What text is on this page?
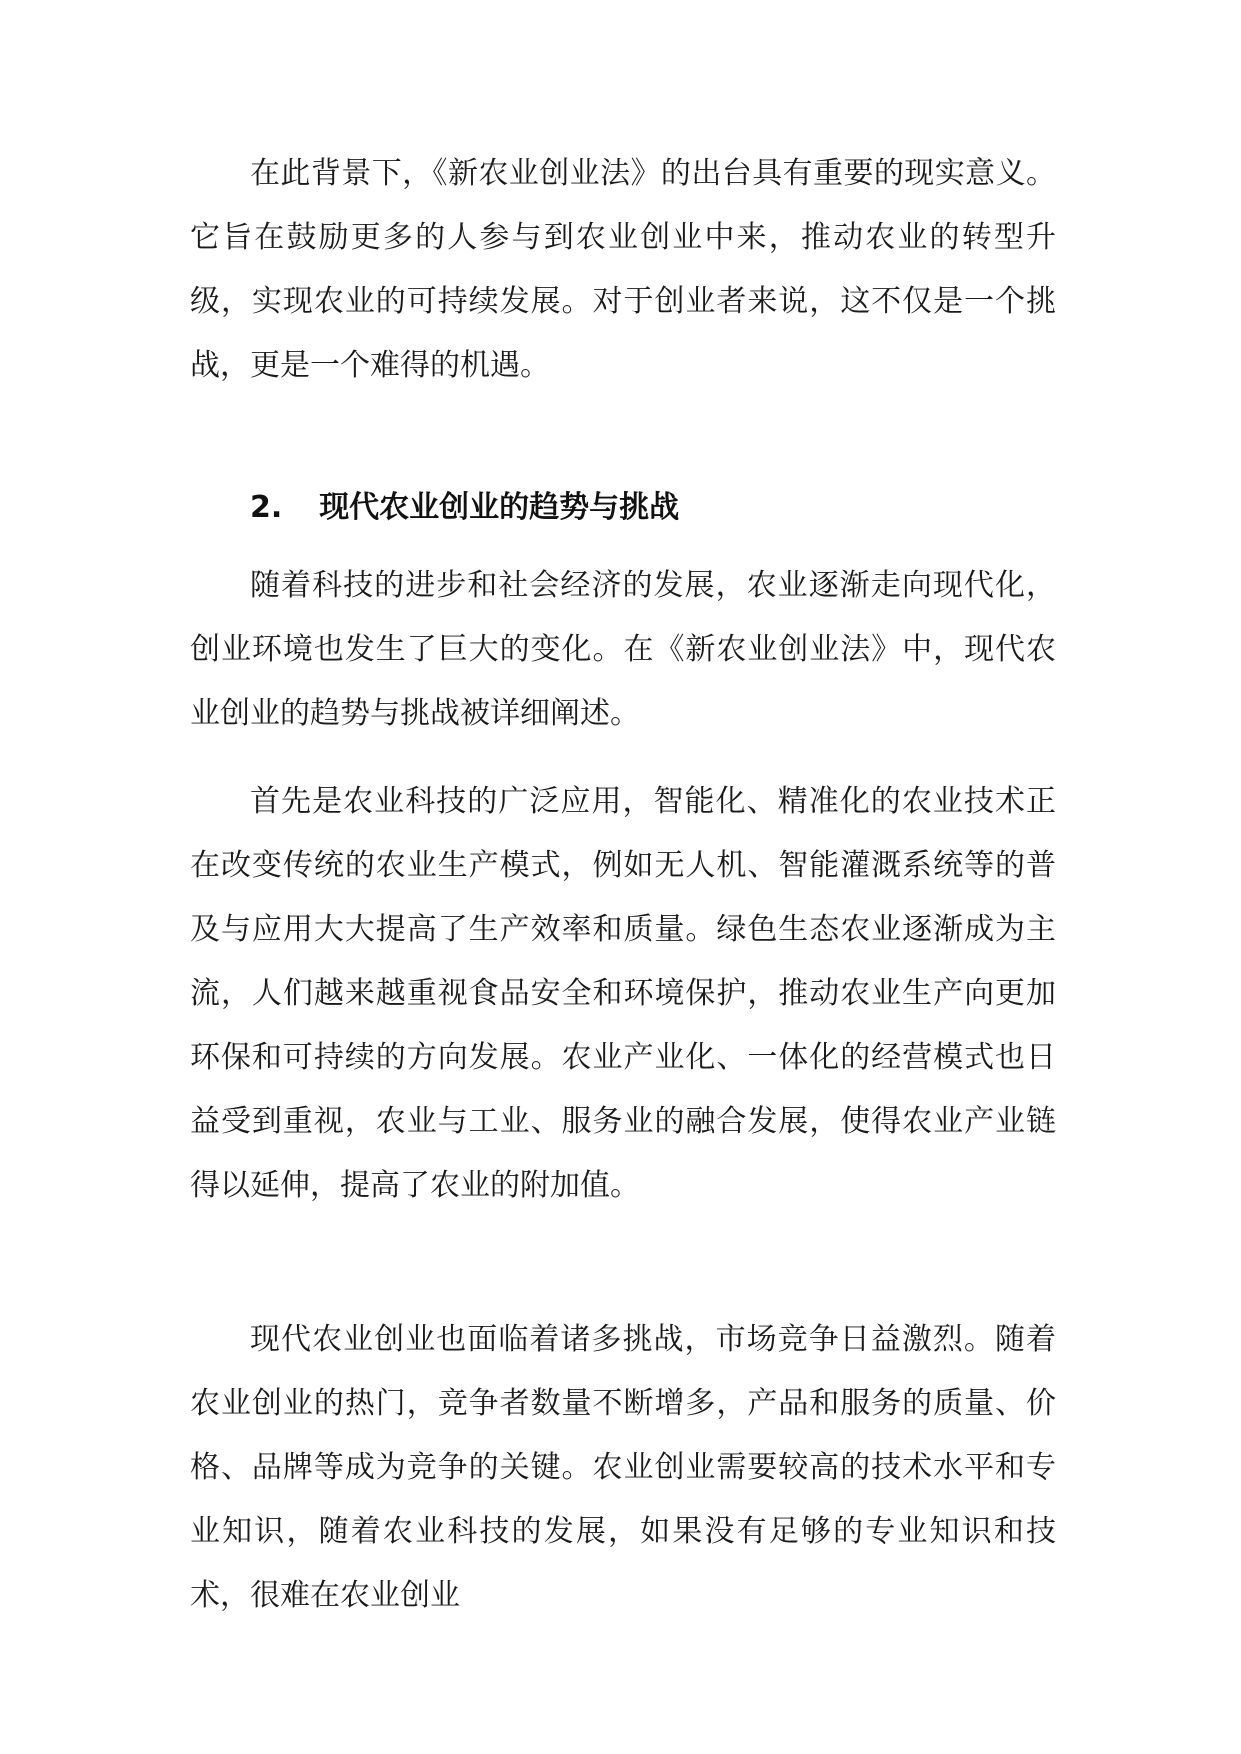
在此背景下，《新农业创业法》的出台具有重要的现实意义。它旨在鼓励更多的人参与到农业创业中来，推动农业的转型升级，实现农业的可持续发展。对于创业者来说，这不仅是一个挑战，更是一个难得的机遇。

2. 现代农业创业的趋势与挑战

随着科技的进步和社会经济的发展，农业逐渐走向现代化，创业环境也发生了巨大的变化。在《新农业创业法》中，现代农业创业的趋势与挑战被详细阐述。

首先是农业科技的广泛应用，智能化、精准化的农业技术正在改变传统的农业生产模式，例如无人机、智能灌溉系统等的普及与应用大大提高了生产效率和质量。绿色生态农业逐渐成为主流，人们越来越重视食品安全和环境保护，推动农业生产向更加环保和可持续的方向发展。农业产业化、一体化的经营模式也日益受到重视，农业与工业、服务业的融合发展，使得农业产业链得以延伸，提高了农业的附加值。

现代农业创业也面临着诸多挑战，市场竞争日益激烈。随着农业创业的热门，竞争者数量不断增多，产品和服务的质量、价格、品牌等成为竞争的关键。农业创业需要较高的技术水平和专业知识，随着农业科技的发展，如果没有足够的专业知识和技术，很难在农业创业
